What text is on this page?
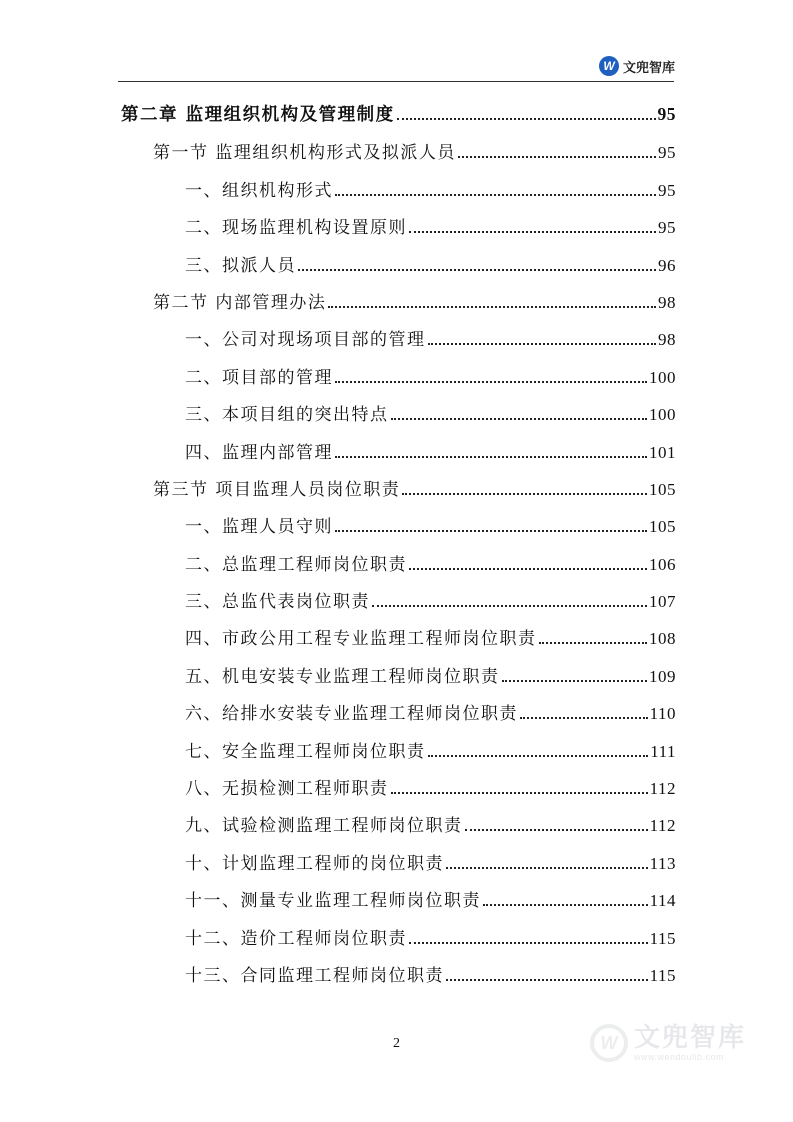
W 文兜智库
第二章 监理组织机构及管理制度	95
第一节 监理组织机构形式及拟派人员	95
一、组织机构形式	95
二、现场监理机构设置原则	95
三、拟派人员	96
第二节 内部管理办法	98
一、公司对现场项目部的管理	98
二、项目部的管理	100
三、本项目组的突出特点	100
四、监理内部管理	101
第三节 项目监理人员岗位职责	105
一、监理人员守则	105
二、总监理工程师岗位职责	106
三、总监代表岗位职责	107
四、市政公用工程专业监理工程师岗位职责	108
五、机电安装专业监理工程师岗位职责	109
六、给排水安装专业监理工程师岗位职责	110
七、安全监理工程师岗位职责	111
八、无损检测工程师职责	112
九、试验检测监理工程师岗位职责	112
十、计划监理工程师的岗位职责	113
十一、测量专业监理工程师岗位职责	114
十二、造价工程师岗位职责	115
十三、合同监理工程师岗位职责	115
2	W 文兜智库
www.wendoulib.com
